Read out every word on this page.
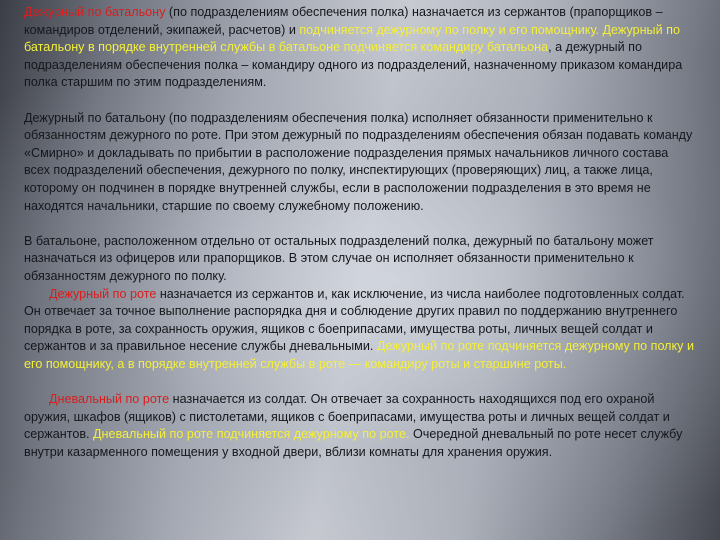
Дежурный по батальону (по подразделениям обеспечения полка) назначается из сержантов (прапорщиков – командиров отделений, экипажей, расчетов) и подчиняется дежурному по полку и его помощнику. Дежурный по батальону в порядке внутренней службы в батальоне подчиняется командиру батальона, а дежурный по подразделениям обеспечения полка – командиру одного из подразделений, назначенному приказом командира полка старшим по этим подразделениям.

Дежурный по батальону (по подразделениям обеспечения полка) исполняет обязанности применительно к обязанностям дежурного по роте. При этом дежурный по подразделениям обеспечения обязан подавать команду «Смирно» и докладывать по прибытии в расположение подразделения прямых начальников личного состава всех подразделений обеспечения, дежурного по полку, инспектирующих (проверяющих) лиц, а также лица, которому он подчинен в порядке внутренней службы, если в расположении подразделения в это время не находятся начальники, старшие по своему служебному положению.

В батальоне, расположенном отдельно от остальных подразделений полка, дежурный по батальону может назначаться из офицеров или прапорщиков. В этом случае он исполняет обязанности применительно к обязанностям дежурного по полку.

Дежурный по роте назначается из сержантов и, как исключение, из числа наиболее подготовленных солдат. Он отвечает за точное выполнение распорядка дня и соблюдение других правил по поддержанию внутреннего порядка в роте, за сохранность оружия, ящиков с боеприпасами, имущества роты, личных вещей солдат и сержантов и за правильное несение службы дневальными. Дежурный по роте подчиняется дежурному по полку и его помощнику, а в порядке внутренней службы в роте — командиру роты и старшине роты.

Дневальный по роте назначается из солдат. Он отвечает за сохранность находящихся под его охраной оружия, шкафов (ящиков) с пистолетами, ящиков с боеприпасами, имущества роты и личных вещей солдат и сержантов. Дневальный по роте подчиняется дежурному по роте. Очередной дневальный по роте несет службу внутри казарменного помещения у входной двери, вблизи комнаты для хранения оружия.
